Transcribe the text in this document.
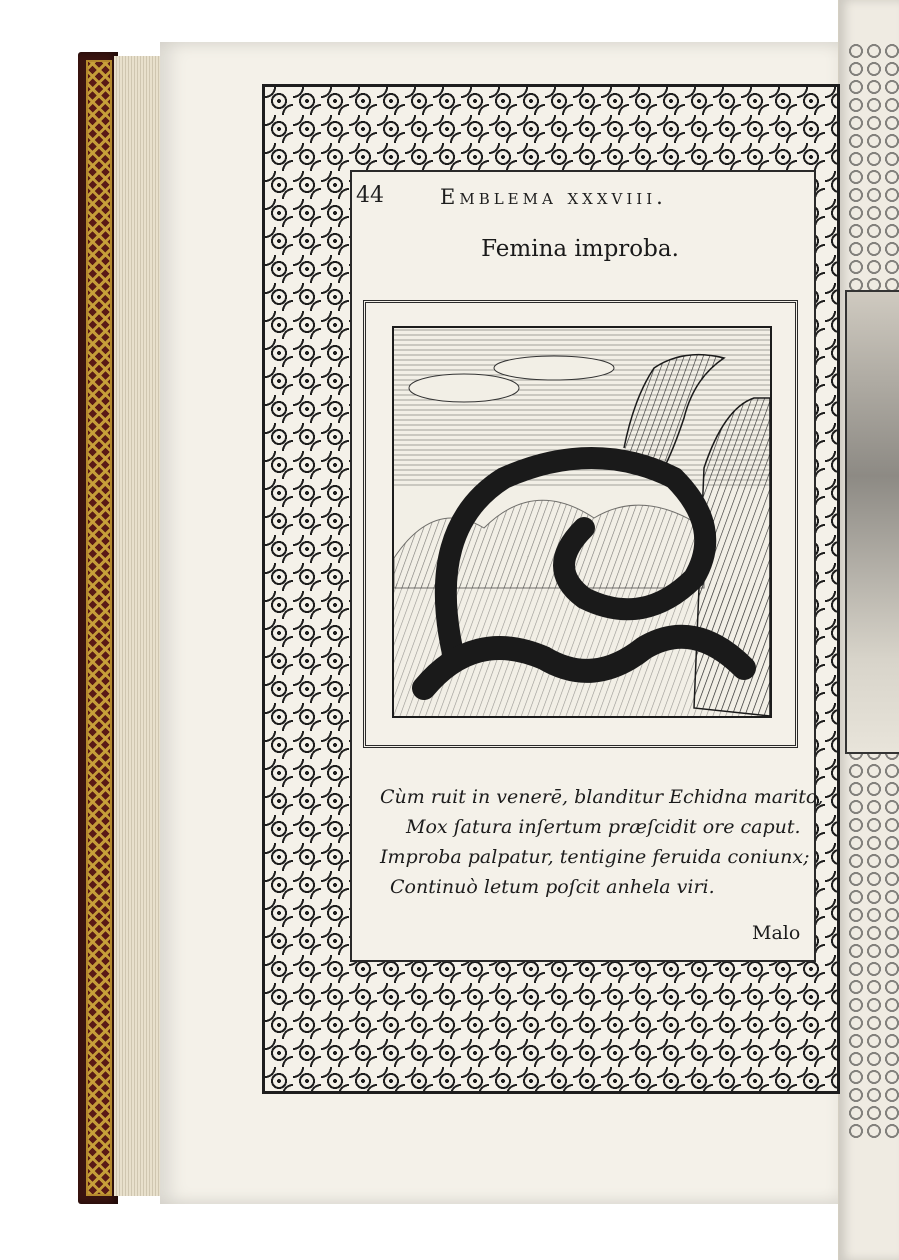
44	Emblema xxxviii.
Femina improba.
Cùm ruit in venerē, blanditur Echidna marito,
Mox ſatura inſertum præſcidit ore caput.
Improba palpatur, tentigine feruida coniunx;
Continuò letum poſcit anhela viri.
Malo
